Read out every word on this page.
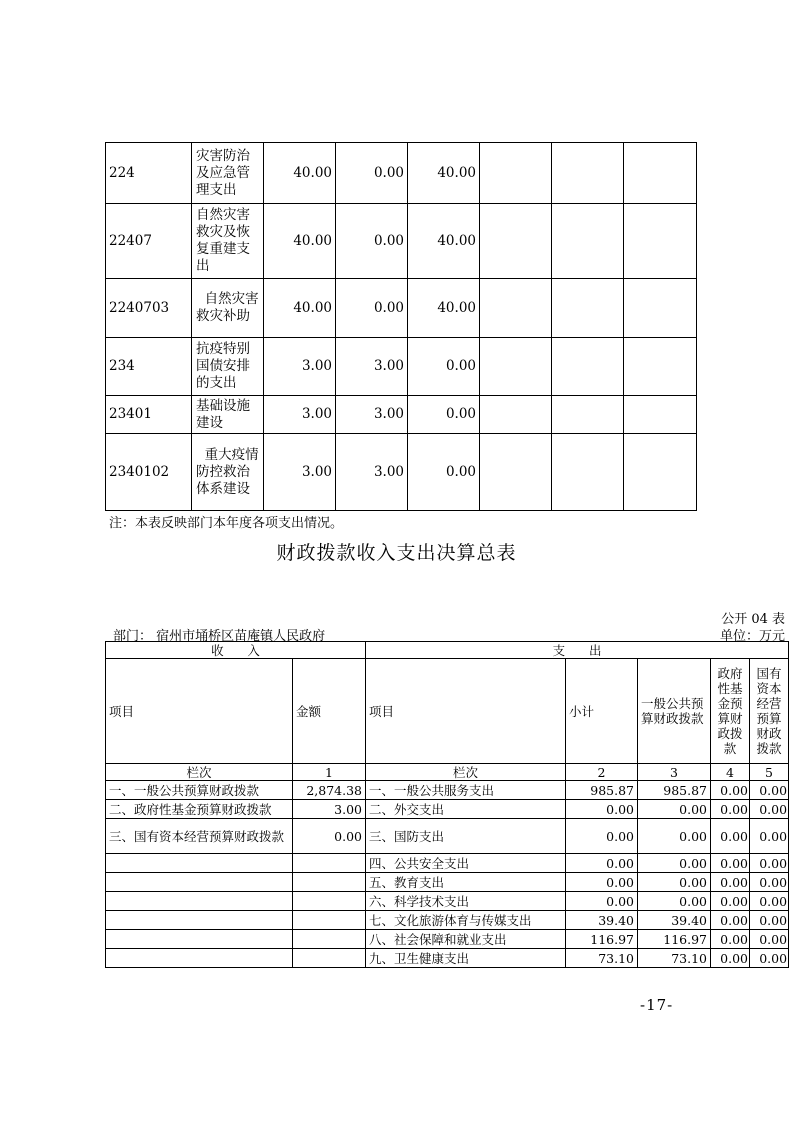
224	灾害防治及应急管理支出	40.00	0.00	40.00			
22407	自然灾害救灾及恢复重建支出	40.00	0.00	40.00			
2240703	自然灾害救灾补助	40.00	0.00	40.00			
234	抗疫特别国债安排的支出	3.00	3.00	0.00			
23401	基础设施建设	3.00	3.00	0.00			
2340102	重大疫情防控救治体系建设	3.00	3.00	0.00			
注：本表反映部门本年度各项支出情况。
财政拨款收入支出决算总表
公开 04 表
部门： 宿州市埇桥区苗庵镇人民政府	单位：万元
收      入		支      出				
项目	金额	项目	小计	一般公共预算财政拨款	政府性基金预算财政拨款	国有资本经营预算财政拨款
栏次	1	栏次	2	3	4	5
一、一般公共预算财政拨款	2,874.38	一、一般公共服务支出	985.87	985.87	0.00	0.00
二、政府性基金预算财政拨款	3.00	二、外交支出	0.00	0.00	0.00	0.00
三、国有资本经营预算财政拨款	0.00	三、国防支出	0.00	0.00	0.00	0.00
		四、公共安全支出	0.00	0.00	0.00	0.00
		五、教育支出	0.00	0.00	0.00	0.00
		六、科学技术支出	0.00	0.00	0.00	0.00
		七、文化旅游体育与传媒支出	39.40	39.40	0.00	0.00
		八、社会保障和就业支出	116.97	116.97	0.00	0.00
		九、卫生健康支出	73.10	73.10	0.00	0.00
-17-
